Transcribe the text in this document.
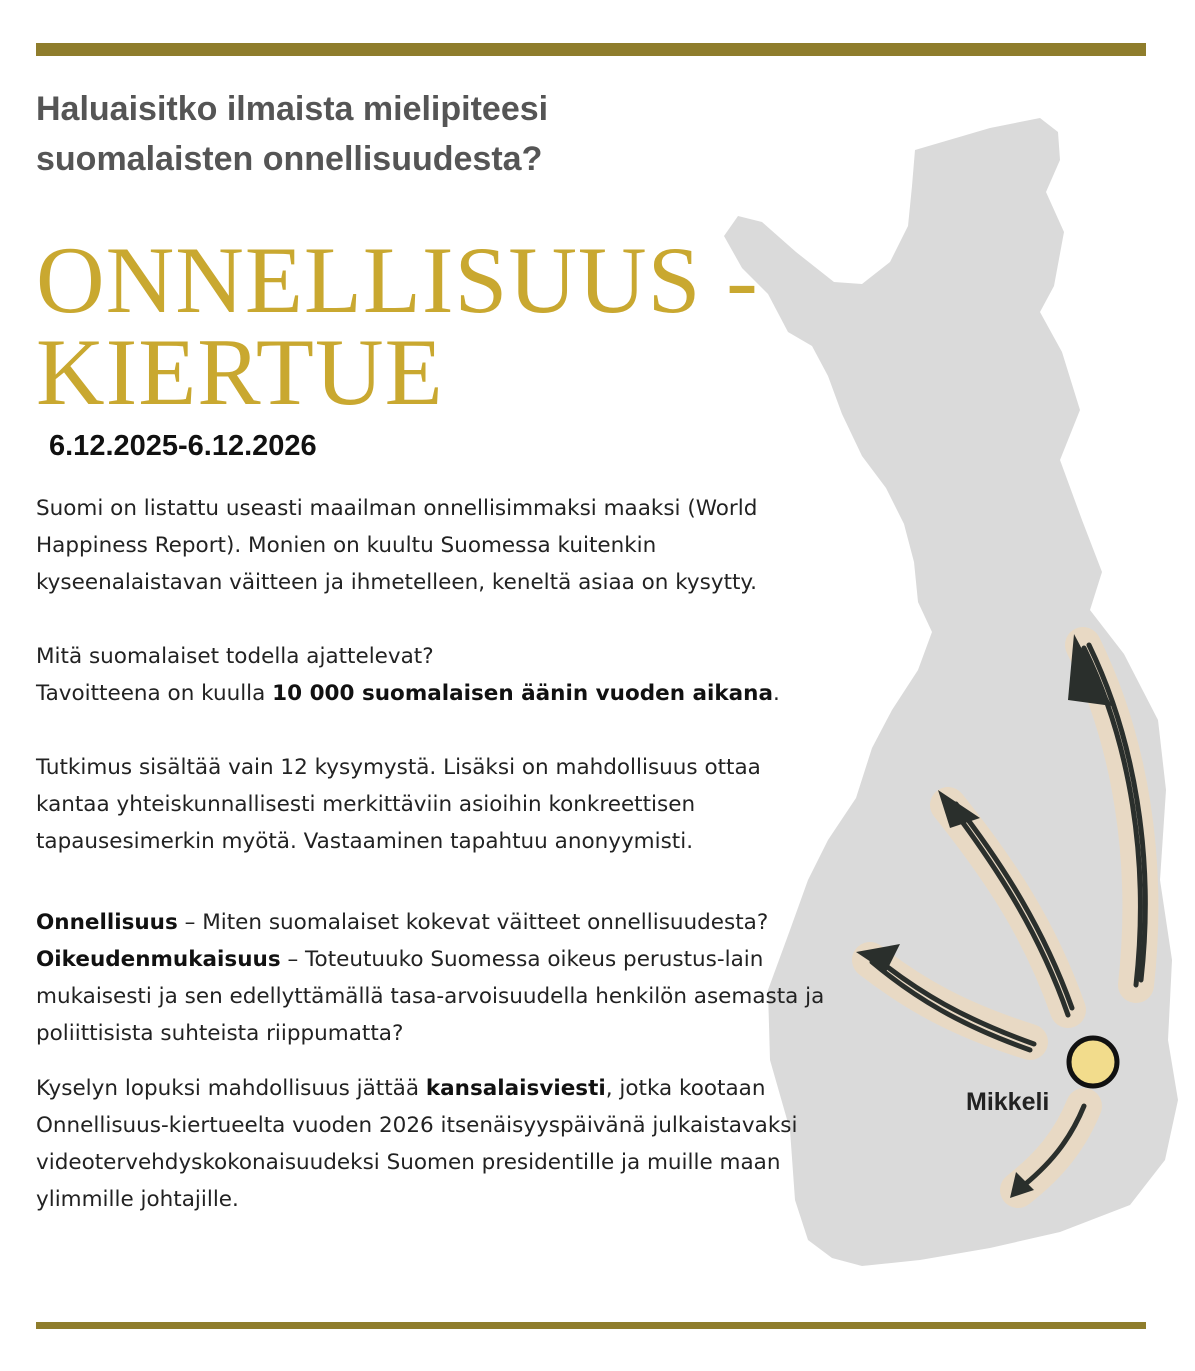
Mikkeli
Haluaisitko ilmaista mielipiteesi
suomalaisten onnellisuudesta?
ONNELLISUUS -
KIERTUE
6.12.2025-6.12.2026

Suomi on listattu useasti maailman onnellisimmaksi maaksi (World Happiness Report). Monien on kuultu Suomessa kuitenkin kyseenalaistavan väitteen ja ihmetelleen, keneltä asiaa on kysytty.

Mitä suomalaiset todella ajattelevat?
Tavoitteena on kuulla 10 000 suomalaisen äänin vuoden aikana.

Tutkimus sisältää vain 12 kysymystä. Lisäksi on mahdollisuus ottaa kantaa yhteiskunnallisesti merkittäviin asioihin konkreettisen tapausesimerkin myötä. Vastaaminen tapahtuu anonyymisti.

Onnellisuus – Miten suomalaiset kokevat väitteet onnellisuudesta?

Oikeudenmukaisuus – Toteutuuko Suomessa oikeus perustus-lain mukaisesti ja sen edellyttämällä tasa-arvoisuudella henkilön asemasta ja poliittisista suhteista riippumatta?

Kyselyn lopuksi mahdollisuus jättää kansalaisviesti, jotka kootaan Onnellisuus-kiertueelta vuoden 2026 itsenäisyyspäivänä julkaistavaksi videotervehdyskokonaisuudeksi Suomen presidentille ja muille maan ylimmille johtajille.
